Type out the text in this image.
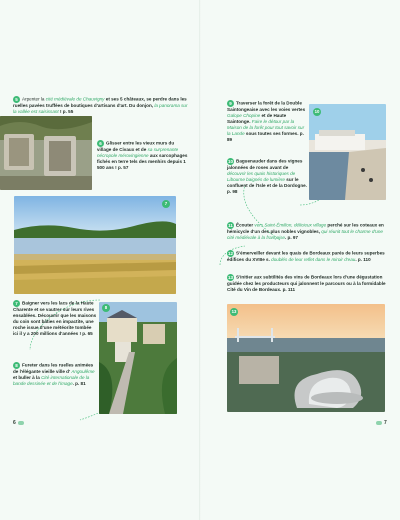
5 Arpenter la cité médiévale de Chauvigny et ses 5 châteaux, se perdre dans les ruelles pavées truffées de boutiques d'artisans d'art. Du donjon, la panorama sur la vallée est saisissant ! p. 55
6 Glisser entre les vieux murs du village de Civaux et de sa surprenante nécropole mérovingienne aux sarcophages fichés en terre tels des menhirs depuis 1 500 ans ! p. 57
7
7 Baigner vers les lacs de la Haute Charente et se vautrer sur leurs rives ensablées. Découvrir que les maisons du coin sont bâties en impactite, une roche issue d'une météorite tombée ici il y a 200 millions d'années ! p. 65
8
8 Fureter dans les ruelles animées de l'élégante vieille ville d' Angoulême et buller à la Cité internationale de la bande dessinée et de l'image. p. 81
6
9 Traverser la forêt de la Double Saintongeaise avec les voies vertes Galope Chopine et de Haute Saintonge. Faire le détour par la Maison de la forêt pour tout savoir sur la Lande sous toutes ses formes. p. 89
10
10 Baguenauder dans des vignes jalonnées de roses avant de découvrir les quais historiques de Libourne baignés de lumière sur le confluent de l'Isle et de la Dordogne. p. 98
11 Écouter vers Saint-Émilion, délicieux village perché sur les coteaux en hémicycle d'un des plus nobles vignobles, qui réunit tout le charme d'une cité médiévale à la française. p. 97
12 S'émerveiller devant les quais de Bordeaux parés de leurs superbes édifices du XVIIIe s. doublés de leur reflet dans le miroir d'eau. p. 110
13 S'initier aux subtilités des vins de Bordeaux lors d'une dégustation guidée chez les producteurs qui jalonnent le parcours ou à la formidable Cité du Vin de Bordeaux. p. 111
13
7
